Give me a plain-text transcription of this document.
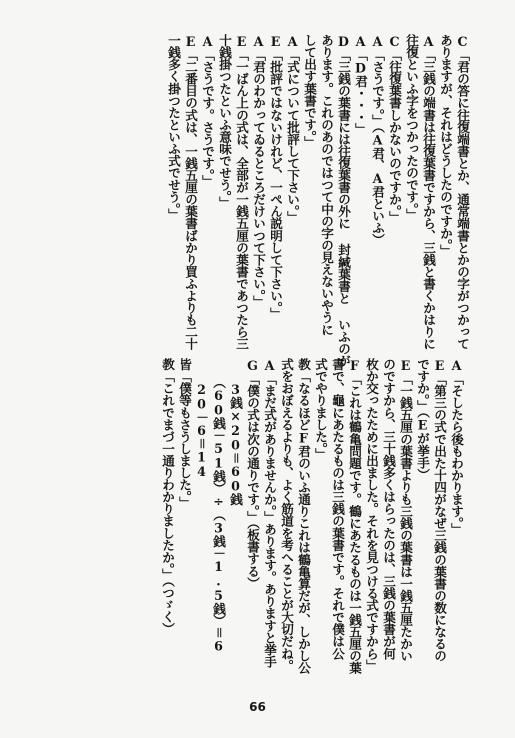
C「君の答に往復端書とか、通常端書とかの字がつかって
ありますが、それはどうしたのですか。」
A「三銭の端書は往復葉書ですから、三銭と書くかはりに
往復といふ字をつかったのです。」
C「往復葉書しかないのですか。」
A「さうです。」（A君、A君といふ）
A「D君・・・」
D「三銭の葉書には往復葉書の外に 封緘葉書と いふのが
あります。これのあのではつて中の字の見えないやうに
して出す葉書です。」
A「式について批評して下さい。」
E「批評ではないけれど、一ぺん説明して下さい。」
A「君のわかってゐるところだけいつて下さい。」
E「一ばん上の式は、全部が一銭五厘の葉書であつたら三
十銭掛つたといふ意味でせう。」
A「さうです。さうです。」
E「二番目の式は、一銭五厘の葉書ばかり買ふよりも二十
一銭多く掛つたといふ式でせう。」
A「そしたら後もわかります。」
E「第三の式で出た十四がなぜ三銭の葉書の数になるの
ですか。」（Eが挙手）
E「一銭五厘の葉書よりも三銭の葉書は一銭五厘たかい
のですから、三十銭多くはらったのは、三銭の葉書が何
枚か交ったために出ました。それを見つける式ですから」
F「これは鶴亀問題です。鶴にあたるものは一銭五厘の葉
書で、龜にあたるものは三銭の葉書です。それで僕は公
式でやりました。」
教「なるほどF君のいふ通りこれは鶴亀算だが、しかし公
式をおぼえるよりも、よく筋道を考へることが大切だね。
A「まだ式がありませんか。」あります。ありますと挙手
G「僕の式は次の通りです。」（板書する）
　　3銭×20＝60銭
　　（60銭－51銭）÷（3銭－1.5銭）＝6
　　20－6＝14
皆「僕等もさうしました。」
教「これでまづ一通りわかりましたか。」（つゞく）
66
